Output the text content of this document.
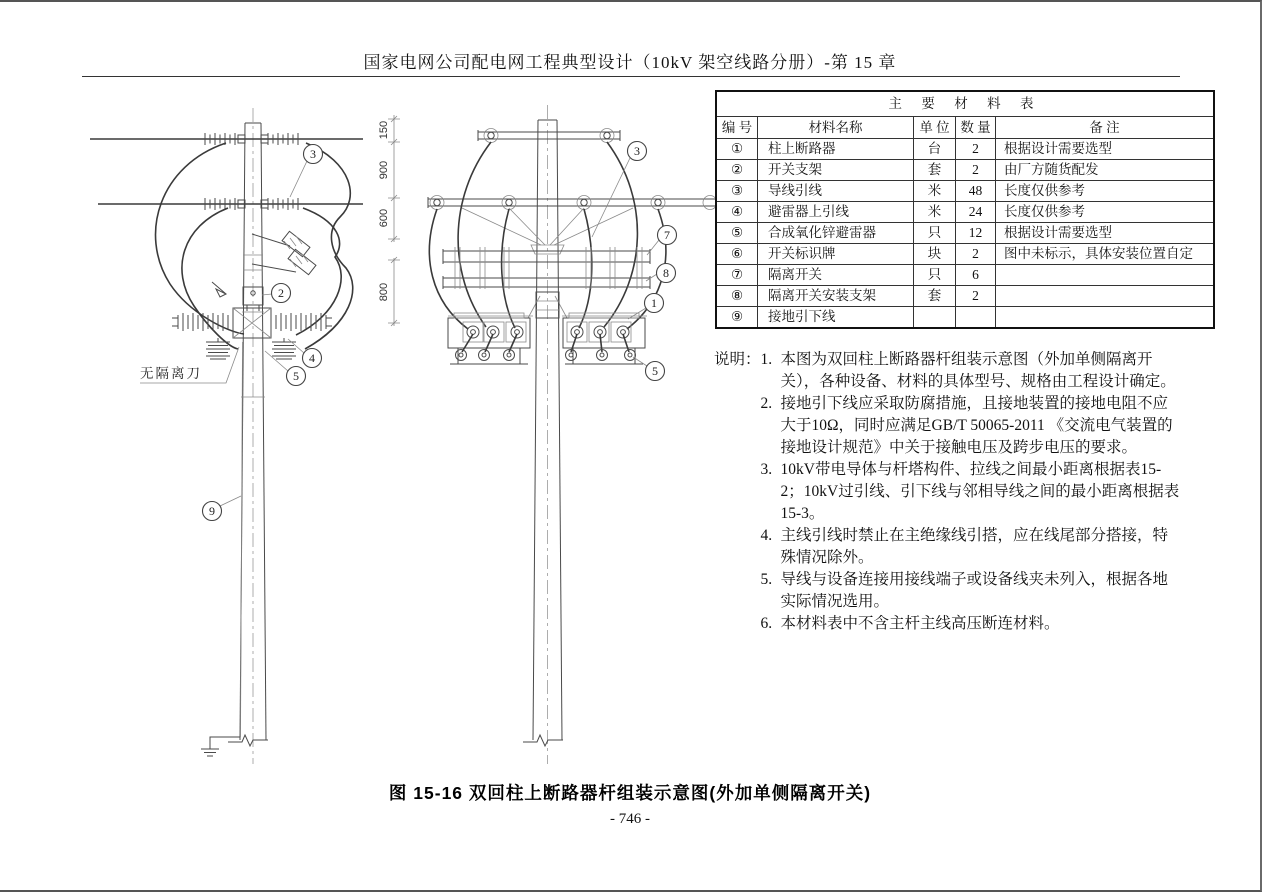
国家电网公司配电网工程典型设计（10kV 架空线路分册）-第 15 章
150
900
600
800
无隔离刀
3
2
4
5
9
3
7
8
1
5
主 要 材 料 表				
编 号	材料名称	单 位	数 量	备 注
①	柱上断路器	台	2	根据设计需要选型
②	开关支架	套	2	由厂方随货配发
③	导线引线	米	48	长度仅供参考
④	避雷器上引线	米	24	长度仅供参考
⑤	合成氧化锌避雷器	只	12	根据设计需要选型
⑥	开关标识牌	块	2	图中未标示，具体安装位置自定
⑦	隔离开关	只	6	
⑧	隔离开关安装支架	套	2	
⑨	接地引下线			
说明： 1. 本图为双回柱上断路器杆组装示意图（外加单侧隔离开关），各种设备、材料的具体型号、规格由工程设计确定。
2. 接地引下线应采取防腐措施，且接地装置的接地电阻不应大于10Ω，同时应满足GB/T 50065-2011 《交流电气装置的接地设计规范》中关于接触电压及跨步电压的要求。
3. 10kV带电导体与杆塔构件、拉线之间最小距离根据表15-2；10kV过引线、引下线与邻相导线之间的最小距离根据表15-3。
4. 主线引线时禁止在主绝缘线引搭，应在线尾部分搭接，特殊情况除外。
5. 导线与设备连接用接线端子或设备线夹未列入，根据各地实际情况选用。
6. 本材料表中不含主杆主线高压断连材料。
图 15-16 双回柱上断路器杆组装示意图(外加单侧隔离开关)
- 746 -
